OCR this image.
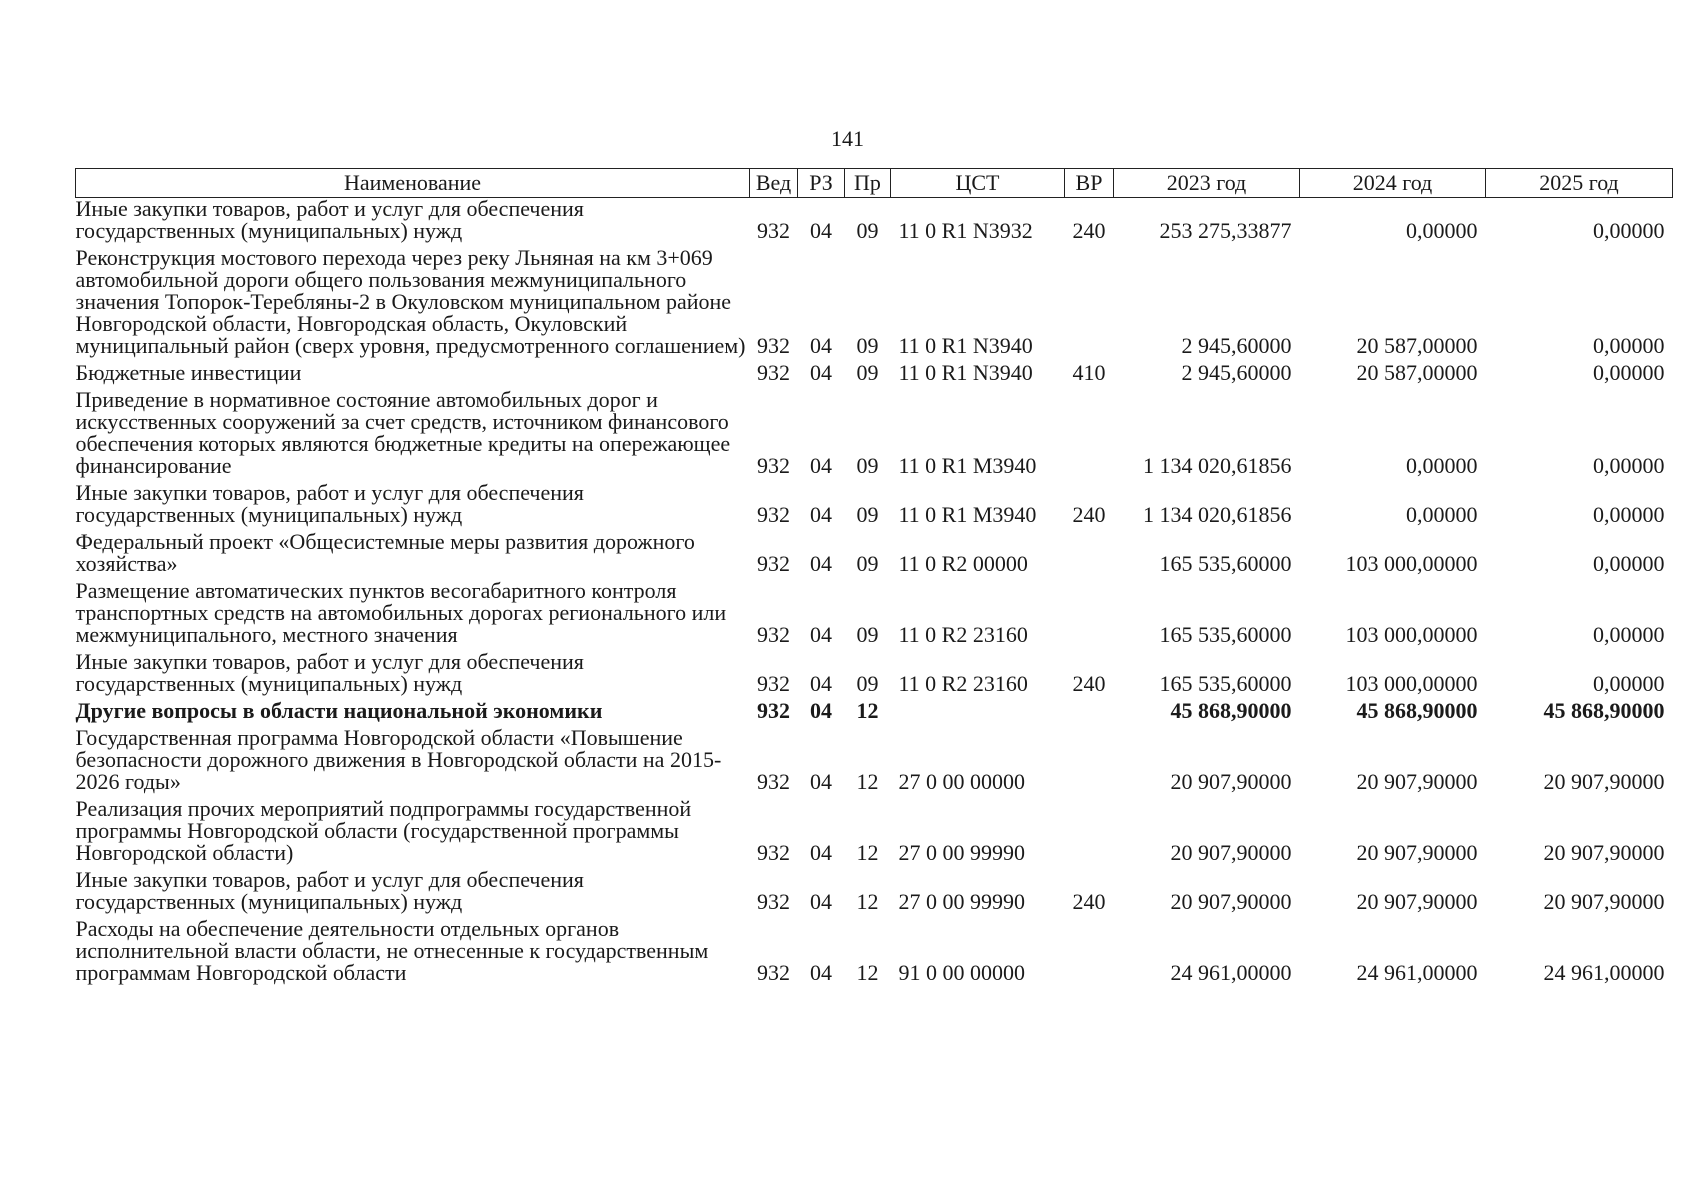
141
Наименование	Вед	РЗ	Пр	ЦСТ	ВР	2023 год	2024 год	2025 год
Иные закупки товаров, работ и услуг для обеспечения государственных (муниципальных) нужд	932	04	09	11 0 R1 N3932	240	253 275,33877	0,00000	0,00000
Реконструкция мостового перехода через реку Льняная на км 3+069 автомобильной дороги общего пользования межмуниципального значения Топорок-Теребляны-2 в Окуловском муниципальном районе Новгородской области, Новгородская область, Окуловский муниципальный район (сверх уровня, предусмотренного соглашением)	932	04	09	11 0 R1 N3940		2 945,60000	20 587,00000	0,00000
Бюджетные инвестиции	932	04	09	11 0 R1 N3940	410	2 945,60000	20 587,00000	0,00000
Приведение в нормативное состояние автомобильных дорог и искусственных сооружений за счет средств, источником финансового обеспечения которых являются бюджетные кредиты на опережающее финансирование	932	04	09	11 0 R1 M3940		1 134 020,61856	0,00000	0,00000
Иные закупки товаров, работ и услуг для обеспечения государственных (муниципальных) нужд	932	04	09	11 0 R1 M3940	240	1 134 020,61856	0,00000	0,00000
Федеральный проект «Общесистемные меры развития дорожного хозяйства»	932	04	09	11 0 R2 00000		165 535,60000	103 000,00000	0,00000
Размещение автоматических пунктов весогабаритного контроля транспортных средств на автомобильных дорогах регионального или межмуниципального, местного значения	932	04	09	11 0 R2 23160		165 535,60000	103 000,00000	0,00000
Иные закупки товаров, работ и услуг для обеспечения государственных (муниципальных) нужд	932	04	09	11 0 R2 23160	240	165 535,60000	103 000,00000	0,00000
Другие вопросы в области национальной экономики	932	04	12			45 868,90000	45 868,90000	45 868,90000
Государственная программа Новгородской области «Повышение безопасности дорожного движения в Новгородской области на 2015-2026 годы»	932	04	12	27 0 00 00000		20 907,90000	20 907,90000	20 907,90000
Реализация прочих мероприятий подпрограммы государственной программы Новгородской области (государственной программы Новгородской области)	932	04	12	27 0 00 99990		20 907,90000	20 907,90000	20 907,90000
Иные закупки товаров, работ и услуг для обеспечения государственных (муниципальных) нужд	932	04	12	27 0 00 99990	240	20 907,90000	20 907,90000	20 907,90000
Расходы на обеспечение деятельности отдельных органов исполнительной власти области, не отнесенные к государственным программам Новгородской области	932	04	12	91 0 00 00000		24 961,00000	24 961,00000	24 961,00000
